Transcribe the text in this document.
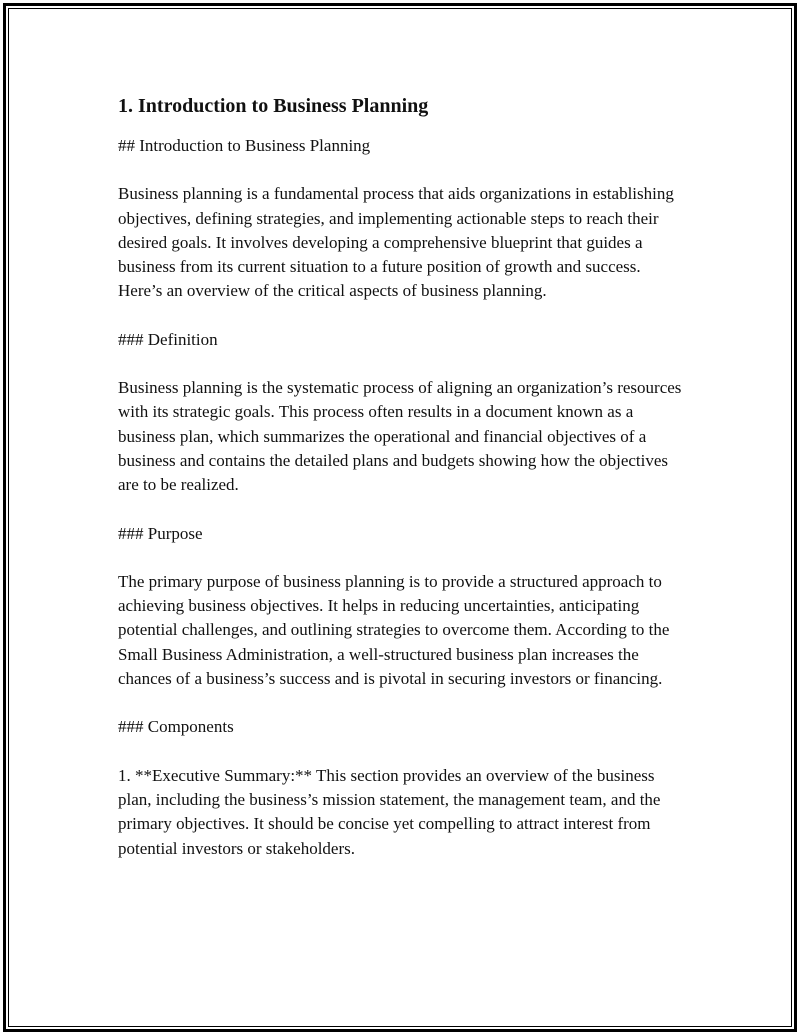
1. Introduction to Business Planning
## Introduction to Business Planning
Business planning is a fundamental process that aids organizations in establishing objectives, defining strategies, and implementing actionable steps to reach their desired goals. It involves developing a comprehensive blueprint that guides a business from its current situation to a future position of growth and success. Here’s an overview of the critical aspects of business planning.
### Definition
Business planning is the systematic process of aligning an organization’s resources with its strategic goals. This process often results in a document known as a business plan, which summarizes the operational and financial objectives of a business and contains the detailed plans and budgets showing how the objectives are to be realized.
### Purpose
The primary purpose of business planning is to provide a structured approach to achieving business objectives. It helps in reducing uncertainties, anticipating potential challenges, and outlining strategies to overcome them. According to the Small Business Administration, a well-structured business plan increases the chances of a business’s success and is pivotal in securing investors or financing.
### Components
1. **Executive Summary:** This section provides an overview of the business plan, including the business’s mission statement, the management team, and the primary objectives. It should be concise yet compelling to attract interest from potential investors or stakeholders.
